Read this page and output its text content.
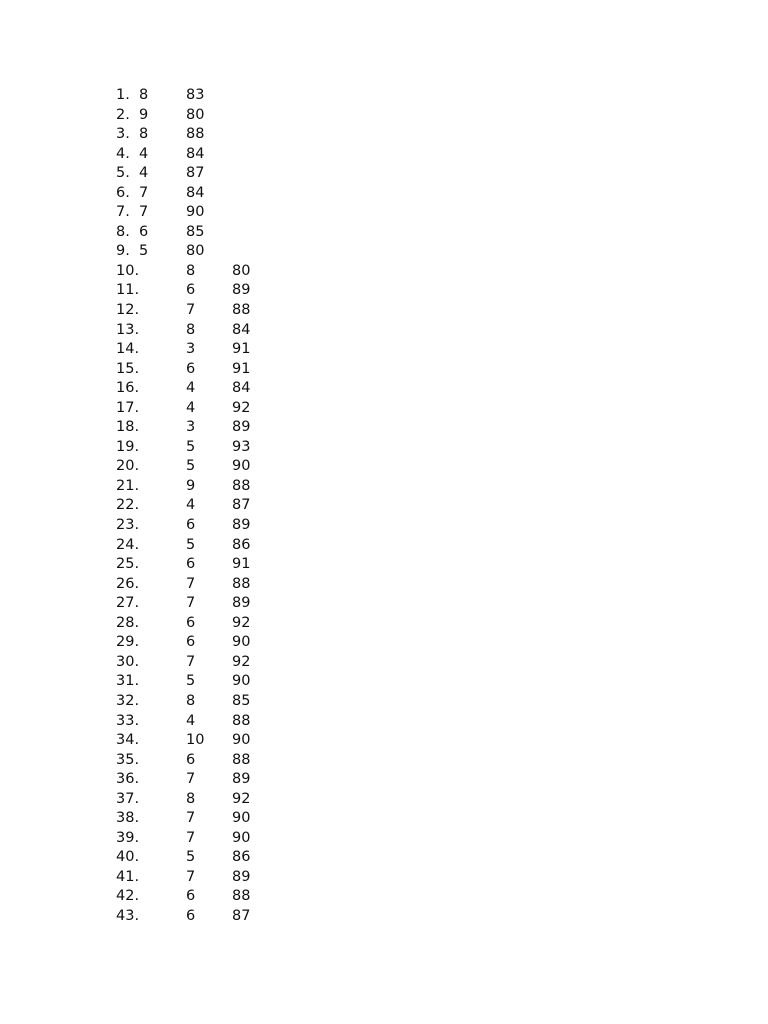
1. 8	83
2. 9	80
3. 8	88
4. 4	84
5. 4	87
6. 7	84
7. 7	90
8. 6	85
9. 5	80
10.	8	80
11.	6	89
12.	7	88
13.	8	84
14.	3	91
15.	6	91
16.	4	84
17.	4	92
18.	3	89
19.	5	93
20.	5	90
21.	9	88
22.	4	87
23.	6	89
24.	5	86
25.	6	91
26.	7	88
27.	7	89
28.	6	92
29.	6	90
30.	7	92
31.	5	90
32.	8	85
33.	4	88
34.	10 90
35.	6	88
36.	7	89
37.	8	92
38.	7	90
39.	7	90
40.	5	86
41.	7	89
42.	6	88
43.	6	87
